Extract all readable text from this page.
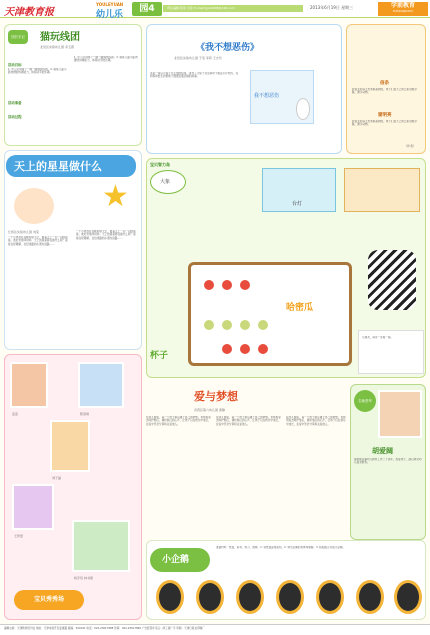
天津教育报
YOULEYUAN
幼儿乐
园4	责任编辑 陈思 全彤 E-mail:tjjyb2008@126.com	2013年6月19日 星期三	学前教育
XUEQIANJIAOYU
园长手记	猫玩线团
北辰区实验幼儿园 李玉霞
活动目标
1. 学习运用两个一圈一圈缠绕线团。2. 锻炼儿童小肌肉群的协调能力，体验动手的乐趣。
活动准备
活动过程
1. 学习运用两个一圈一圈缠绕线团。2. 锻炼儿童小肌肉群的协调能力，体验动手的乐趣。
天上的星星做什么
★
红桥区实验幼儿园 刘莹
一个小男孩在夜晚仰望天空，数着天上一闪一闪的星星。他好奇地问妈妈：天上的星星都在做什么呢？星星在眨眼睛，在给迷路的小朋友指路……
一个小男孩在夜晚仰望天空，数着天上一闪一闪的星星。他好奇地问妈妈：天上的星星都在做什么呢？星星在眨眼睛，在给迷路的小朋友指路……
苗苗	陈思琪
刘子涵
王梓萱
杨宇辰 林书豪
宝贝秀秀场
《我不想恶伤》
北辰区实验幼儿园 于莹 李莉 王志玲
这是一本以小兔子为主角的绘本，讲述了小兔子在生病时不愿意打针吃药，在妈妈和医生的帮助下慢慢克服恐惧的故事。
我不想恶伤
信条
我说太阳每天出来都是新的，孩子们说天上的云彩会跑会跳，像小动物。
窗明亮
我说太阳每天出来都是新的，孩子们说天上的云彩会跑会跳，像小动物。
（作者）
宝贝智力岛
大象
台灯
哈密瓜
杯子
小朋友，请连一连看一看。
爱与梦想
河西区第六幼儿园 黄静
在幼儿园里，每一个孩子都有属于自己的梦想。老师用爱去呵护他们，倾听他们的心声，让孩子们在快乐中成长，在爱中学会分享和关爱他人。
在幼儿园里，每一个孩子都有属于自己的梦想。老师用爱去呵护他们，倾听他们的心声，让孩子们在快乐中成长，在爱中学会分享和关爱他人。
在幼儿园里，每一个孩子都有属于自己的梦想。老师用爱去呵护他们，倾听他们的心声，让孩子们在快乐中成长，在爱中学会分享和关爱他人。
名师荟萃
胡爱阔
胡老师从事幼儿教育工作二十余年，热爱孩子，潜心研究幼儿美术教育。
小企鹅
准备材料：纸盘、彩笔、剪刀、胶棒。1. 将纸盘涂成黑色。2. 剪出企鹅的身体和翅膀。3. 粘贴组合完成小企鹅。
编辑出版：天津教育报刊社 地址：天津市南开区复康路 邮编：300191 电话：022-23617888 传真：022-23617896 广告经营许可证：津工商广字 印刷：天津日报社印刷厂
